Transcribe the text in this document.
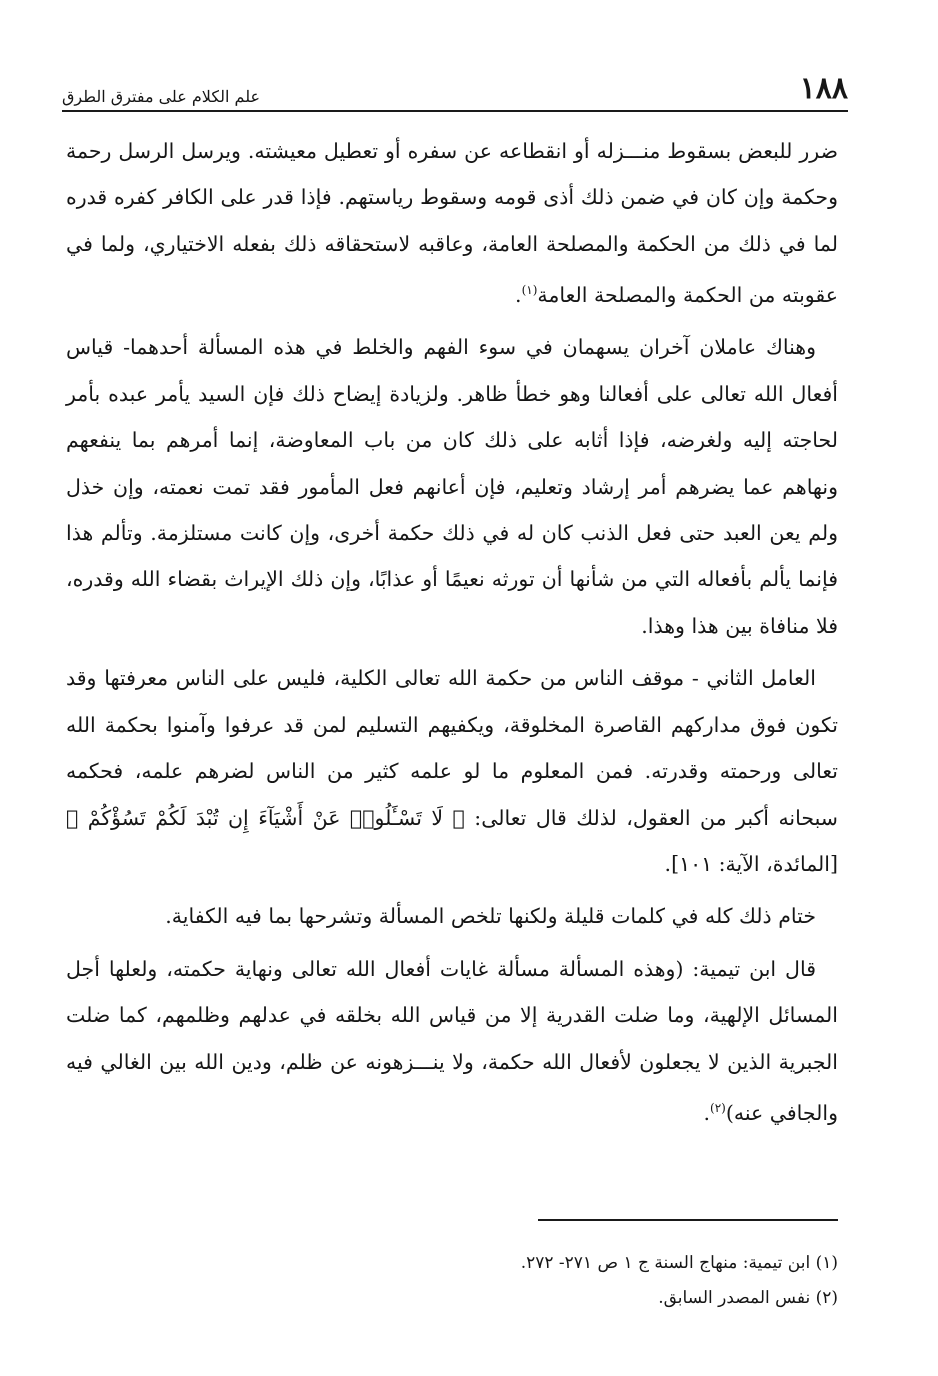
١٨٨
علم الكلام على مفترق الطرق

ضرر للبعض بسقوط منـــزله أو انقطاعه عن سفره أو تعطيل معيشته. ويرسل الرسل رحمة وحكمة وإن كان في ضمن ذلك أذى قومه وسقوط رياستهم. فإذا قدر على الكافر كفره قدره لما في ذلك من الحكمة والمصلحة العامة، وعاقبه لاستحقاقه ذلك بفعله الاختياري، ولما في عقوبته من الحكمة والمصلحة العامة$^{(١)}$.

وهناك عاملان آخران يسهمان في سوء الفهم والخلط في هذه المسألة أحدهما- قياس أفعال الله تعالى على أفعالنا وهو خطأ ظاهر. ولزيادة إيضاح ذلك فإن السيد يأمر عبده بأمر لحاجته إليه ولغرضه، فإذا أثابه على ذلك كان من باب المعاوضة، إنما أمرهم بما ينفعهم ونهاهم عما يضرهم أمر إرشاد وتعليم، فإن أعانهم فعل المأمور فقد تمت نعمته، وإن خذل ولم يعن العبد حتى فعل الذنب كان له في ذلك حكمة أخرى، وإن كانت مستلزمة. وتألم هذا فإنما يألم بأفعاله التي من شأنها أن تورثه نعيمًا أو عذابًا، وإن ذلك الإيراث بقضاء الله وقدره، فلا منافاة بين هذا وهذا.

العامل الثاني - موقف الناس من حكمة الله تعالى الكلية، فليس على الناس معرفتها وقد تكون فوق مداركهم القاصرة المخلوقة، ويكفيهم التسليم لمن قد عرفوا وآمنوا بحكمة الله تعالى ورحمته وقدرته. فمن المعلوم ما لو علمه كثير من الناس لضرهم علمه، فحكمه سبحانه أكبر من العقول، لذلك قال تعالى: ﴿ لَا تَسْـَٔلُوا۟ عَنْ أَشْيَآءَ إِن تُبْدَ لَكُمْ تَسُؤْكُمْ ﴾ [المائدة، الآية: ١٠١].

ختام ذلك كله في كلمات قليلة ولكنها تلخص المسألة وتشرحها بما فيه الكفاية.

قال ابن تيمية: (وهذه المسألة مسألة غايات أفعال الله تعالى ونهاية حكمته، ولعلها أجل المسائل الإلهية، وما ضلت القدرية إلا من قياس الله بخلقه في عدلهم وظلمهم، كما ضلت الجبرية الذين لا يجعلون لأفعال الله حكمة، ولا ينـــزهونه عن ظلم، ودين الله بين الغالي فيه والجافي عنه)$^{(٢)}$.

(١) ابن تيمية: منهاج السنة ج ١ ص ٢٧١- ٢٧٢.

(٢) نفس المصدر السابق.
